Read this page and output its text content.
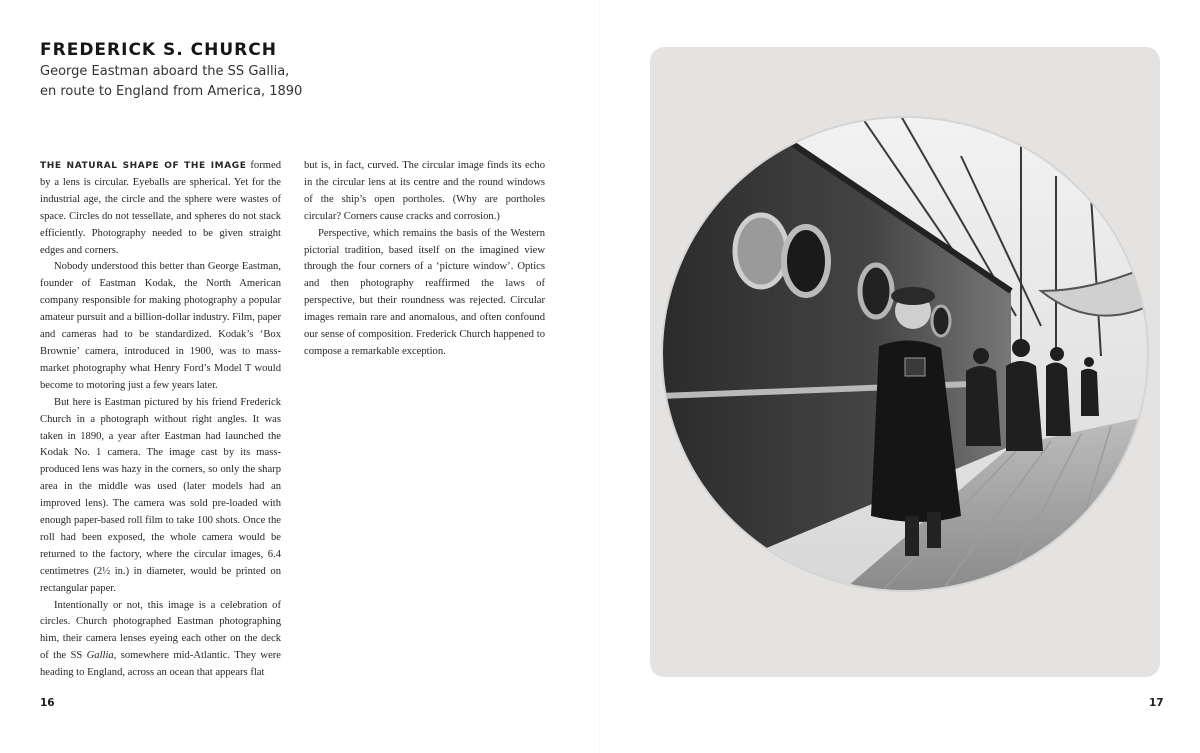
FREDERICK S. CHURCH
George Eastman aboard the SS Gallia,
en route to England from America, 1890

THE NATURAL SHAPE OF THE IMAGE formed by a lens is circular. Eyeballs are spherical. Yet for the industrial age, the circle and the sphere were wastes of space. Circles do not tessellate, and spheres do not stack efficiently. Photography needed to be given straight edges and corners.

Nobody understood this better than George Eastman, founder of Eastman Kodak, the North American company responsible for making photography a popular amateur pursuit and a billion-dollar industry. Film, paper and cameras had to be standardized. Kodak’s ‘Box Brownie’ camera, introduced in 1900, was to mass-market photography what Henry Ford’s Model T would become to motoring just a few years later.

But here is Eastman pictured by his friend Frederick Church in a photograph without right angles. It was taken in 1890, a year after Eastman had launched the Kodak No. 1 camera. The image cast by its mass-produced lens was hazy in the corners, so only the sharp area in the middle was used (later models had an improved lens). The camera was sold pre-loaded with enough paper-based roll film to take 100 shots. Once the roll had been exposed, the whole camera would be returned to the factory, where the circular images, 6.4 centimetres (2½ in.) in diameter, would be printed on rectangular paper.

Intentionally or not, this image is a celebration of circles. Church photographed Eastman photographing him, their camera lenses eyeing each other on the deck of the SS Gallia, somewhere mid-Atlantic. They were heading to England, across an ocean that appears flat

but is, in fact, curved. The circular image finds its echo in the circular lens at its centre and the round windows of the ship’s open portholes. (Why are portholes circular? Corners cause cracks and corrosion.)

Perspective, which remains the basis of the Western pictorial tradition, based itself on the imagined view through the four corners of a ‘picture window’. Optics and then photography reaffirmed the laws of perspective, but their roundness was rejected. Circular images remain rare and anomalous, and often confound our sense of composition. Frederick Church happened to compose a remarkable exception.

16	17
